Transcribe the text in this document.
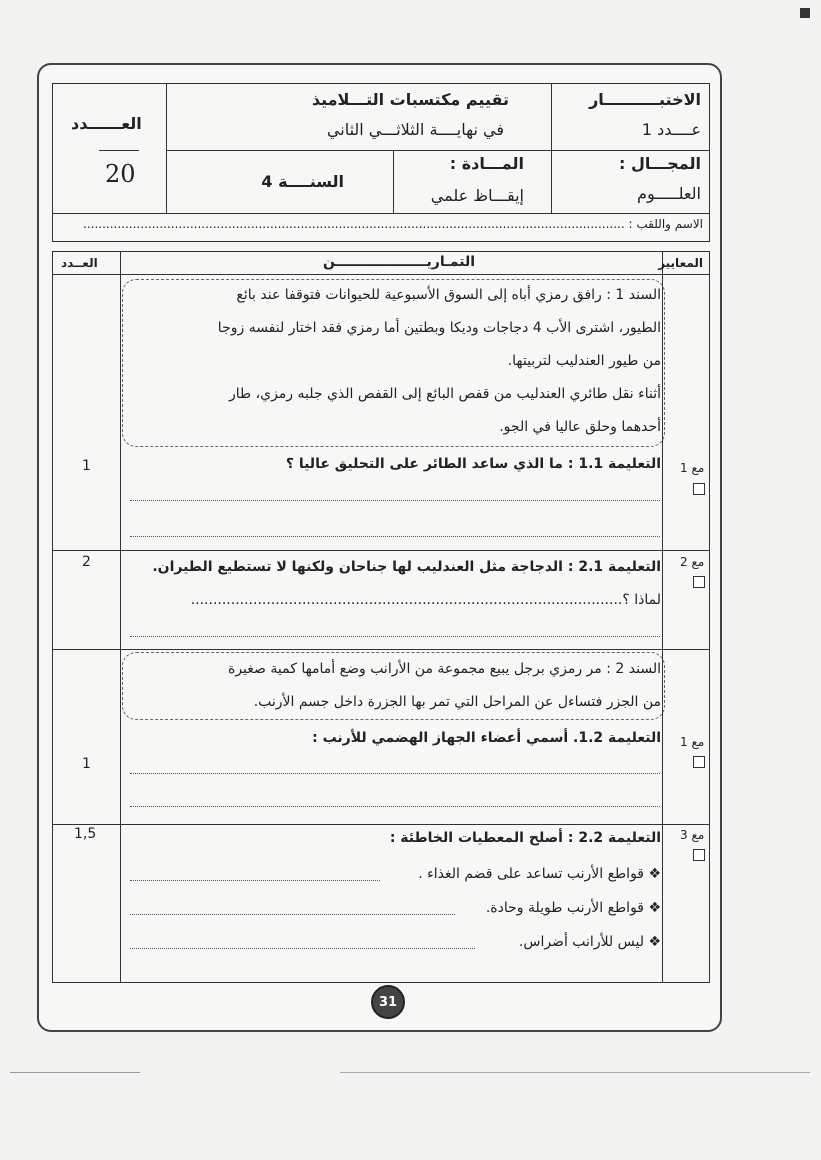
الاختبــــــــــار
عــــدد 1
المجـــال :
العلـــــوم
تقييم مكتسبات التـــلاميذ
في نهايــــة الثلاثـــي الثاني
المـــادة :
إيقـــاظ علمي
السنــــة 4
العــــــدد
20
الاسم واللقب : ..............................................................................................................................................
المعايير
التمـاريـــــــــــــــــــن
العــدد
السند 1 : رافق رمزي أباه إلى السوق الأسبوعية للحيوانات فتوقفا عند بائع
الطيور، اشترى الأب 4 دجاجات وديكا وبطتين أما رمزي فقد اختار لنفسه زوجا
من طيور العندليب لتربيتها.
أثناء نقل طائري العندليب من قفص البائع إلى القفص الذي جلبه رمزي، طار
أحدهما وحلق عاليا في الجو.
التعليمة 1.1 : ما الذي ساعد الطائر على التحليق عاليا ؟ مع 1
1
التعليمة 2.1 : الدجاجة مثل العندليب لها جناحان ولكنها لا تستطيع الطيران.
لماذا ؟.................................................................................................
مع 2
2
السند 2 : مر رمزي برجل يبيع مجموعة من الأرانب وضع أمامها كمية صغيرة
من الجزر فتساءل عن المراحل التي تمر بها الجزرة داخل جسم الأرنب.
التعليمة 1.2. أسمي أعضاء الجهاز الهضمي للأرنب : مع 1
1
التعليمة 2.2 : أصلح المعطيات الخاطئة :
❖ قواطع الأرنب تساعد على قضم الغذاء .
❖ قواطع الأرنب طويلة وحادة.
❖ ليس للأرانب أضراس.
مع 3
1,5
31
